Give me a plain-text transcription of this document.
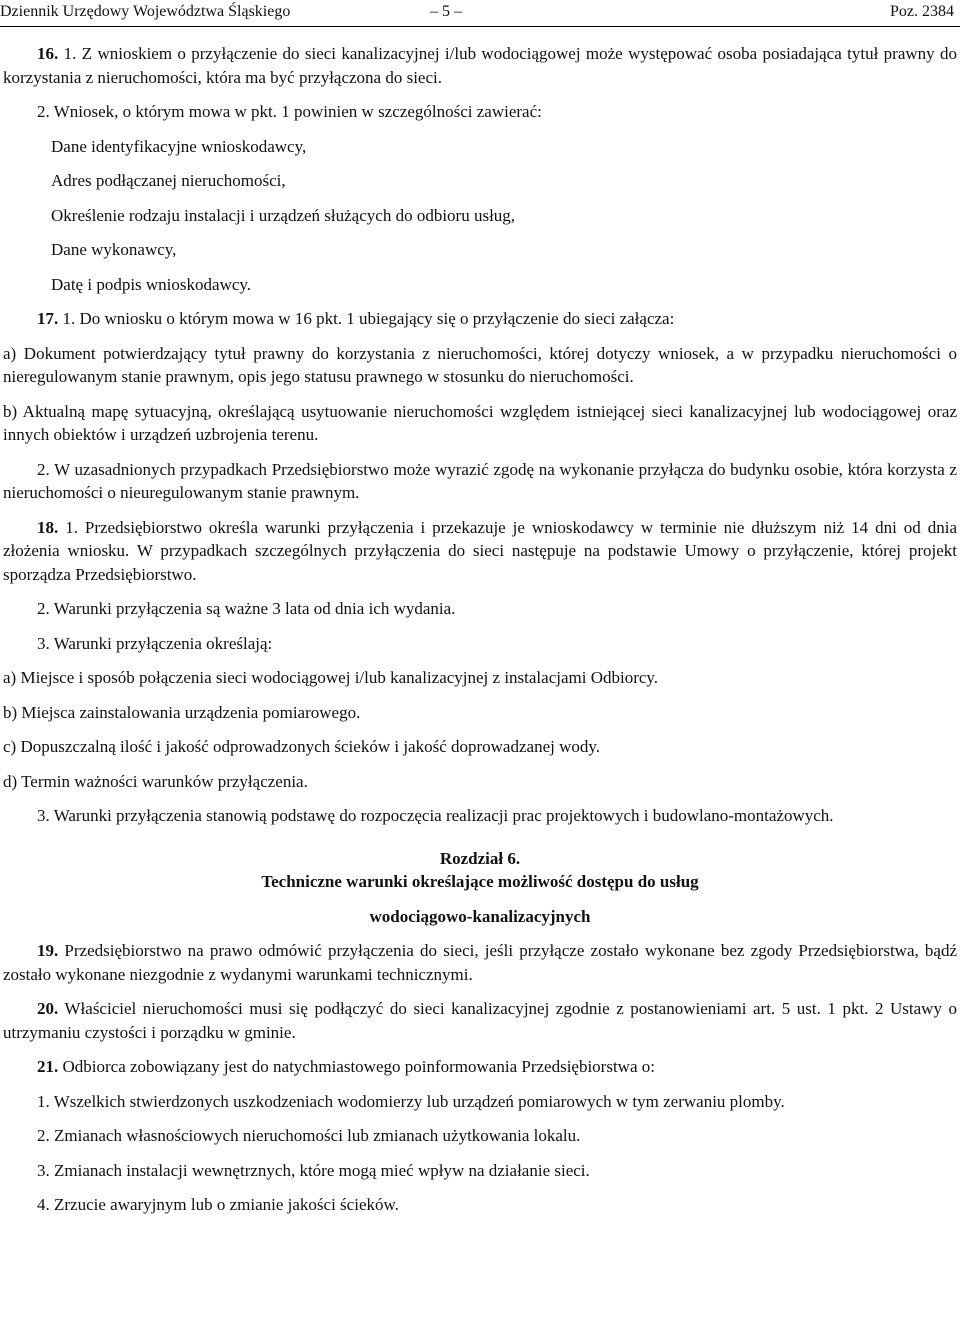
Dziennik Urzędowy Województwa Śląskiego	– 5 –	Poz. 2384

16. 1. Z wnioskiem o przyłączenie do sieci kanalizacyjnej i/lub wodociągowej może występować osoba posiadająca tytuł prawny do korzystania z nieruchomości, która ma być przyłączona do sieci.

2. Wniosek, o którym mowa w pkt. 1 powinien w szczególności zawierać:

Dane identyfikacyjne wnioskodawcy,

Adres podłączanej nieruchomości,

Określenie rodzaju instalacji i urządzeń służących do odbioru usług,

Dane wykonawcy,

Datę i podpis wnioskodawcy.

17. 1. Do wniosku o którym mowa w 16 pkt. 1 ubiegający się o przyłączenie do sieci załącza:

a) Dokument potwierdzający tytuł prawny do korzystania z nieruchomości, której dotyczy wniosek, a w przypadku nieruchomości o nieregulowanym stanie prawnym, opis jego statusu prawnego w stosunku do nieruchomości.

b) Aktualną mapę sytuacyjną, określającą usytuowanie nieruchomości względem istniejącej sieci kanalizacyjnej lub wodociągowej oraz innych obiektów i urządzeń uzbrojenia terenu.

2. W uzasadnionych przypadkach Przedsiębiorstwo może wyrazić zgodę na wykonanie przyłącza do budynku osobie, która korzysta z nieruchomości o nieuregulowanym stanie prawnym.

18. 1. Przedsiębiorstwo określa warunki przyłączenia i przekazuje je wnioskodawcy w terminie nie dłuższym niż 14 dni od dnia złożenia wniosku. W przypadkach szczególnych przyłączenia do sieci następuje na podstawie Umowy o przyłączenie, której projekt sporządza Przedsiębiorstwo.

2. Warunki przyłączenia są ważne 3 lata od dnia ich wydania.

3. Warunki przyłączenia określają:

a) Miejsce i sposób połączenia sieci wodociągowej i/lub kanalizacyjnej z instalacjami Odbiorcy.

b) Miejsca zainstalowania urządzenia pomiarowego.

c) Dopuszczalną ilość i jakość odprowadzonych ścieków i jakość doprowadzanej wody.

d) Termin ważności warunków przyłączenia.

3. Warunki przyłączenia stanowią podstawę do rozpoczęcia realizacji prac projektowych i budowlano-montażowych.

Rozdział 6.

Techniczne warunki określające możliwość dostępu do usług

wodociągowo-kanalizacyjnych

19. Przedsiębiorstwo na prawo odmówić przyłączenia do sieci, jeśli przyłącze zostało wykonane bez zgody Przedsiębiorstwa, bądź zostało wykonane niezgodnie z wydanymi warunkami technicznymi.

20. Właściciel nieruchomości musi się podłączyć do sieci kanalizacyjnej zgodnie z postanowieniami art. 5 ust. 1 pkt. 2 Ustawy o utrzymaniu czystości i porządku w gminie.

21. Odbiorca zobowiązany jest do natychmiastowego poinformowania Przedsiębiorstwa o:

1. Wszelkich stwierdzonych uszkodzeniach wodomierzy lub urządzeń pomiarowych w tym zerwaniu plomby.

2. Zmianach własnościowych nieruchomości lub zmianach użytkowania lokalu.

3. Zmianach instalacji wewnętrznych, które mogą mieć wpływ na działanie sieci.

4. Zrzucie awaryjnym lub o zmianie jakości ścieków.
